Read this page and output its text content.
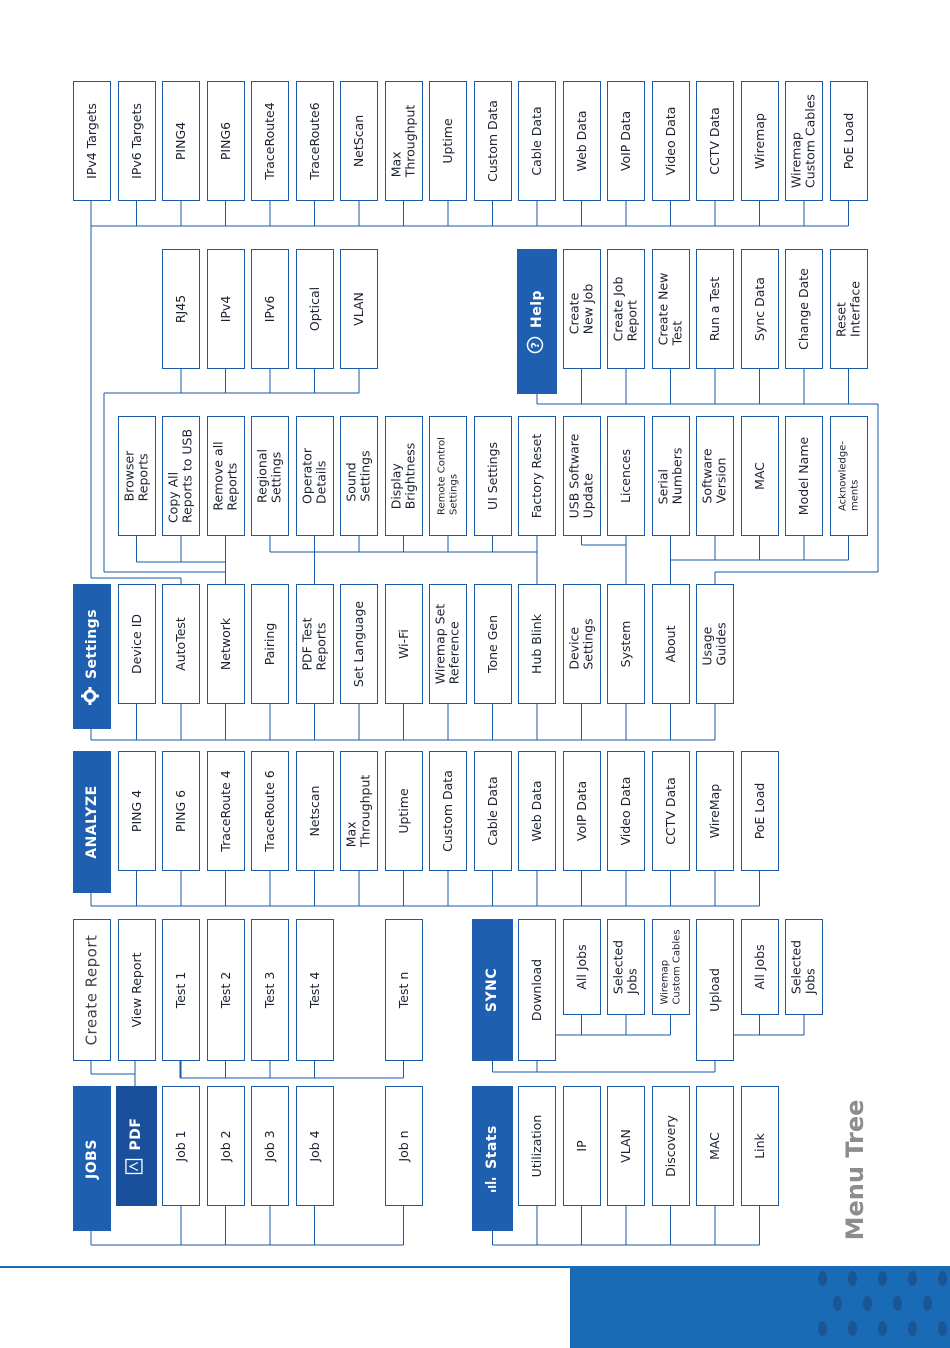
JOBS
PDF Job 1 Job 2 Job 3 Job 4	Job n
Create Report View Report Test 1 Test 2 Test 3 Test 4	Test n
Stats Utilization IP VLAN Discovery MAC Link
SYNC Download All Jobs Selected
Jobs Wiremap
Custom Cables
Upload
All Jobs Selected
Jobs
ANALYZE PING 4 PING 6 TraceRoute 4 TraceRoute 6 Netscan Max
Throughput Uptime Custom Data Cable Data Web Data VoIP Data Video Data CCTV Data WireMap PoE Load
Settings Device ID AutoTest Network Pairing PDF Test
Reports Set Language Wi-Fi Wiremap Set
Reference Tone Gen Hub Blink Device
Settings System About Usage
Guides
Browser
Reports
Copy All
Reports to USB
Remove all
Reports Regional
Settings Operator
Details Sound
Settings Display
Brightness Remote Control
Settings UI Settings Factory Reset USB Software
Update Licences Serial
Numbers Software
Version MAC Model Name	Acknowledge-
ments
RJ45 IPv4 IPv6 Optical VLAN
?
Help Create
New Job
Create Job
Report Create New
Test Run a Test Sync Data Change Date Reset
Interface
IPv4 Targets IPv6 Targets PING4 PING6 TraceRoute4 TraceRoute6 NetScan Max
Throughput Uptime Custom Data Cable Data Web Data VoIP Data Video Data CCTV Data Wiremap Wiremap
Custom Cables PoE Load
Menu Tree
